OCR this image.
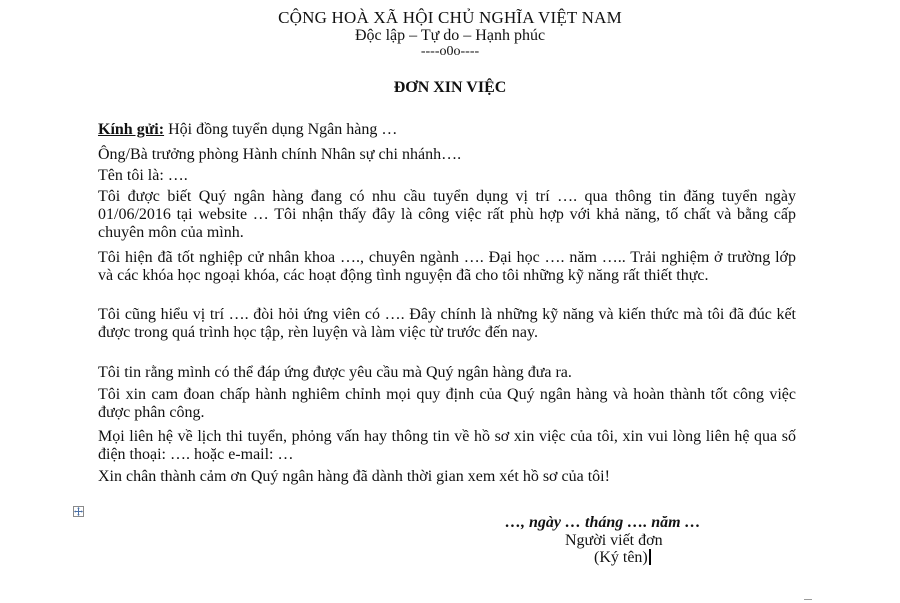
CỘNG HOÀ XÃ HỘI CHỦ NGHĨA VIỆT NAM
Độc lập – Tự do – Hạnh phúc
----o0o----
ĐƠN XIN VIỆC

Kính gửi: Hội đồng tuyển dụng Ngân hàng …

Ông/Bà trưởng phòng Hành chính Nhân sự chi nhánh….

Tên tôi là: ….

Tôi được biết Quý ngân hàng đang có nhu cầu tuyển dụng vị trí …. qua thông tin đăng tuyển ngày 01/06/2016 tại website … Tôi nhận thấy đây là công việc rất phù hợp với khả năng, tố chất và bằng cấp chuyên môn của mình.

Tôi hiện đã tốt nghiệp cử nhân khoa …., chuyên ngành …. Đại học …. năm ….. Trải nghiệm ở trường lớp và các khóa học ngoại khóa, các hoạt động tình nguyện đã cho tôi những kỹ năng rất thiết thực.

Tôi cũng hiểu vị trí …. đòi hỏi ứng viên có …. Đây chính là những kỹ năng và kiến thức mà tôi đã đúc kết được trong quá trình học tập, rèn luyện và làm việc từ trước đến nay.

Tôi tin rằng mình có thể đáp ứng được yêu cầu mà Quý ngân hàng đưa ra.

Tôi xin cam đoan chấp hành nghiêm chỉnh mọi quy định của Quý ngân hàng và hoàn thành tốt công việc được phân công.

Mọi liên hệ về lịch thi tuyển, phỏng vấn hay thông tin về hồ sơ xin việc của tôi, xin vui lòng liên hệ qua số điện thoại: …. hoặc e-mail: …

Xin chân thành cảm ơn Quý ngân hàng đã dành thời gian xem xét hồ sơ của tôi!

…, ngày … tháng …. năm …
Người viết đơn
(Ký tên)
